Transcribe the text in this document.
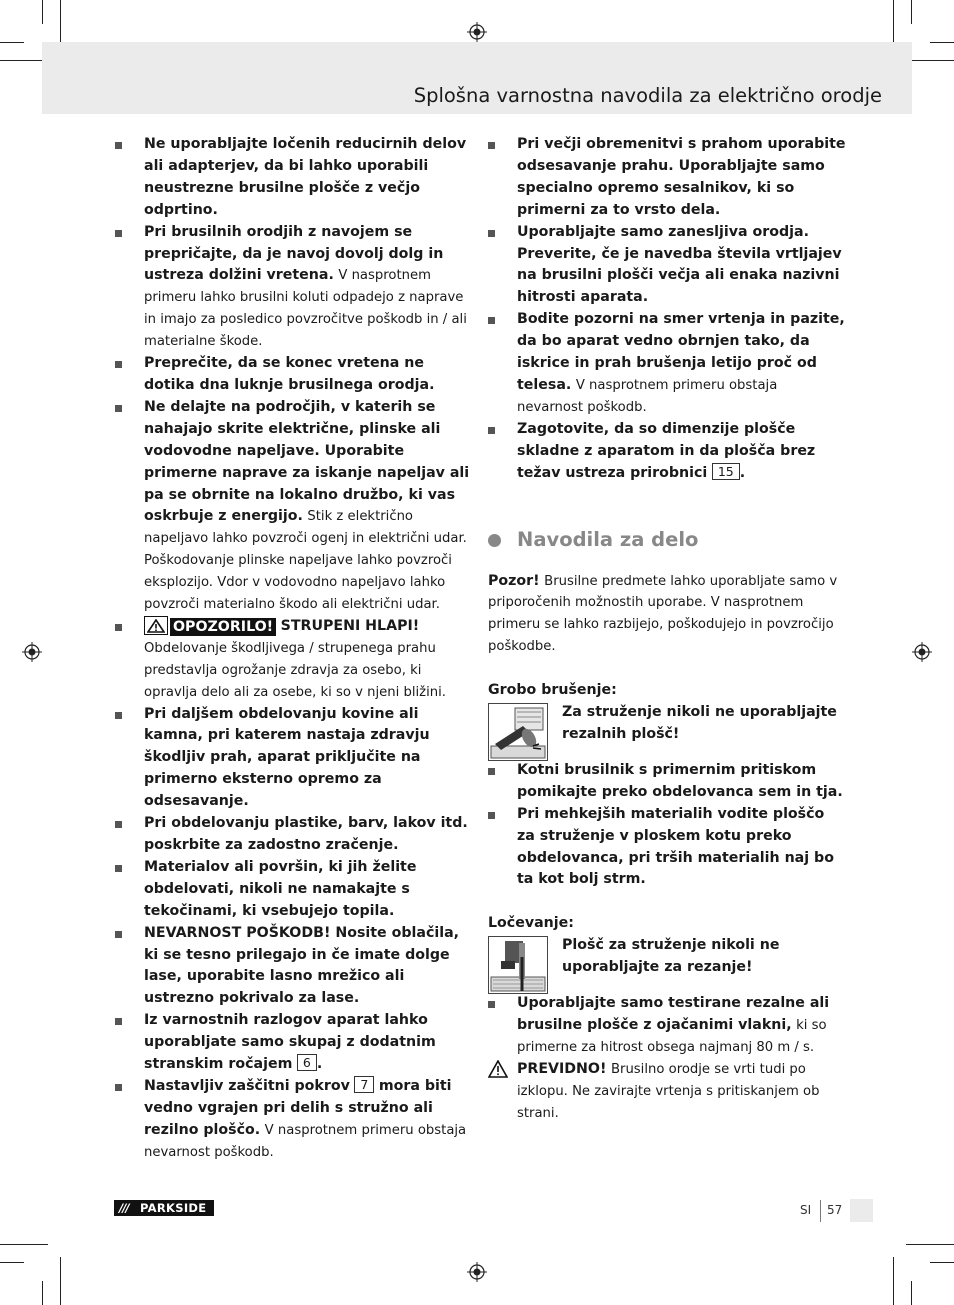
Splošna varnostna navodila za električno orodje
Ne uporabljajte ločenih reducirnih delov ali adapterjev, da bi lahko uporabili neustrezne brusilne plošče z večjo odprtino.
Pri brusilnih orodjih z navojem se prepričajte, da je navoj dovolj dolg in ustreza dolžini vretena. V nasprotnem primeru lahko brusilni koluti odpadejo z naprave in imajo za posledico povzročitve poškodb in / ali materialne škode.
Preprečite, da se konec vretena ne dotika dna luknje brusilnega orodja.
Ne delajte na področjih, v katerih se nahajajo skrite električne, plinske ali vodovodne napeljave. Uporabite primerne naprave za iskanje napeljav ali pa se obrnite na lokalno družbo, ki vas oskrbuje z energijo. Stik z električno napeljavo lahko povzroči ogenj in električni udar. Poškodovanje plinske napeljave lahko povzroči eksplozijo. Vdor v vodovodno napeljavo lahko povzroči materialno škodo ali električni udar.
OPOZORILO! STRUPENI HLAPI! Obdelovanje škodljivega / strupenega prahu predstavlja ogrožanje zdravja za osebo, ki opravlja delo ali za osebe, ki so v njeni bližini.
Pri daljšem obdelovanju kovine ali kamna, pri katerem nastaja zdravju škodljiv prah, aparat priključite na primerno eksterno opremo za odsesavanje.
Pri obdelovanju plastike, barv, lakov itd. poskrbite za zadostno zračenje.
Materialov ali površin, ki jih želite obdelovati, nikoli ne namakajte s tekočinami, ki vsebujejo topila.
NEVARNOST POŠKODB! Nosite oblačila, ki se tesno prilegajo in če imate dolge lase, uporabite lasno mrežico ali ustrezno pokrivalo za lase.
Iz varnostnih razlogov aparat lahko uporabljate samo skupaj z dodatnim stranskim ročajem 6 .
Nastavljiv zaščitni pokrov 7 mora biti vedno vgrajen pri delih s stružno ali rezilno ploščo. V nasprotnem primeru obstaja nevarnost poškodb.
Pri večji obremenitvi s prahom uporabite odsesavanje prahu. Uporabljajte samo specialno opremo sesalnikov, ki so primerni za to vrsto dela.
Uporabljajte samo zanesljiva orodja. Preverite, če je navedba števila vrtljajev na brusilni plošči večja ali enaka nazivni hitrosti aparata.
Bodite pozorni na smer vrtenja in pazite, da bo aparat vedno obrnjen tako, da iskrice in prah brušenja letijo proč od telesa. V nasprotnem primeru obstaja nevarnost poškodb.
Zagotovite, da so dimenzije plošče skladne z aparatom in da plošča brez težav ustreza prirobnici 15 .
Navodila za delo

Pozor! Brusilne predmete lahko uporabljate samo v priporočenih možnostih uporabe. V nasprotnem primeru se lahko razbijejo, poškodujejo in povzročijo poškodbe.

Grobo brušenje:
Za struženje nikoli ne uporabljajte rezalnih plošč!
Kotni brusilnik s primernim pritiskom pomikajte preko obdelovanca sem in tja.
Pri mehkejših materialih vodite ploščo za struženje v ploskem kotu preko obdelovanca, pri trših materialih naj bo ta kot bolj strm.
Ločevanje:
Plošč za struženje nikoli ne uporabljajte za rezanje!
Uporabljajte samo testirane rezalne ali brusilne plošče z ojačanimi vlakni, ki so primerne za hitrost obsega najmanj 80 m / s.
PREVIDNO! Brusilno orodje se vrti tudi po izklopu. Ne zavirajte vrtenja s pritiskanjem ob strani.
/// PARKSIDE	SI 57
